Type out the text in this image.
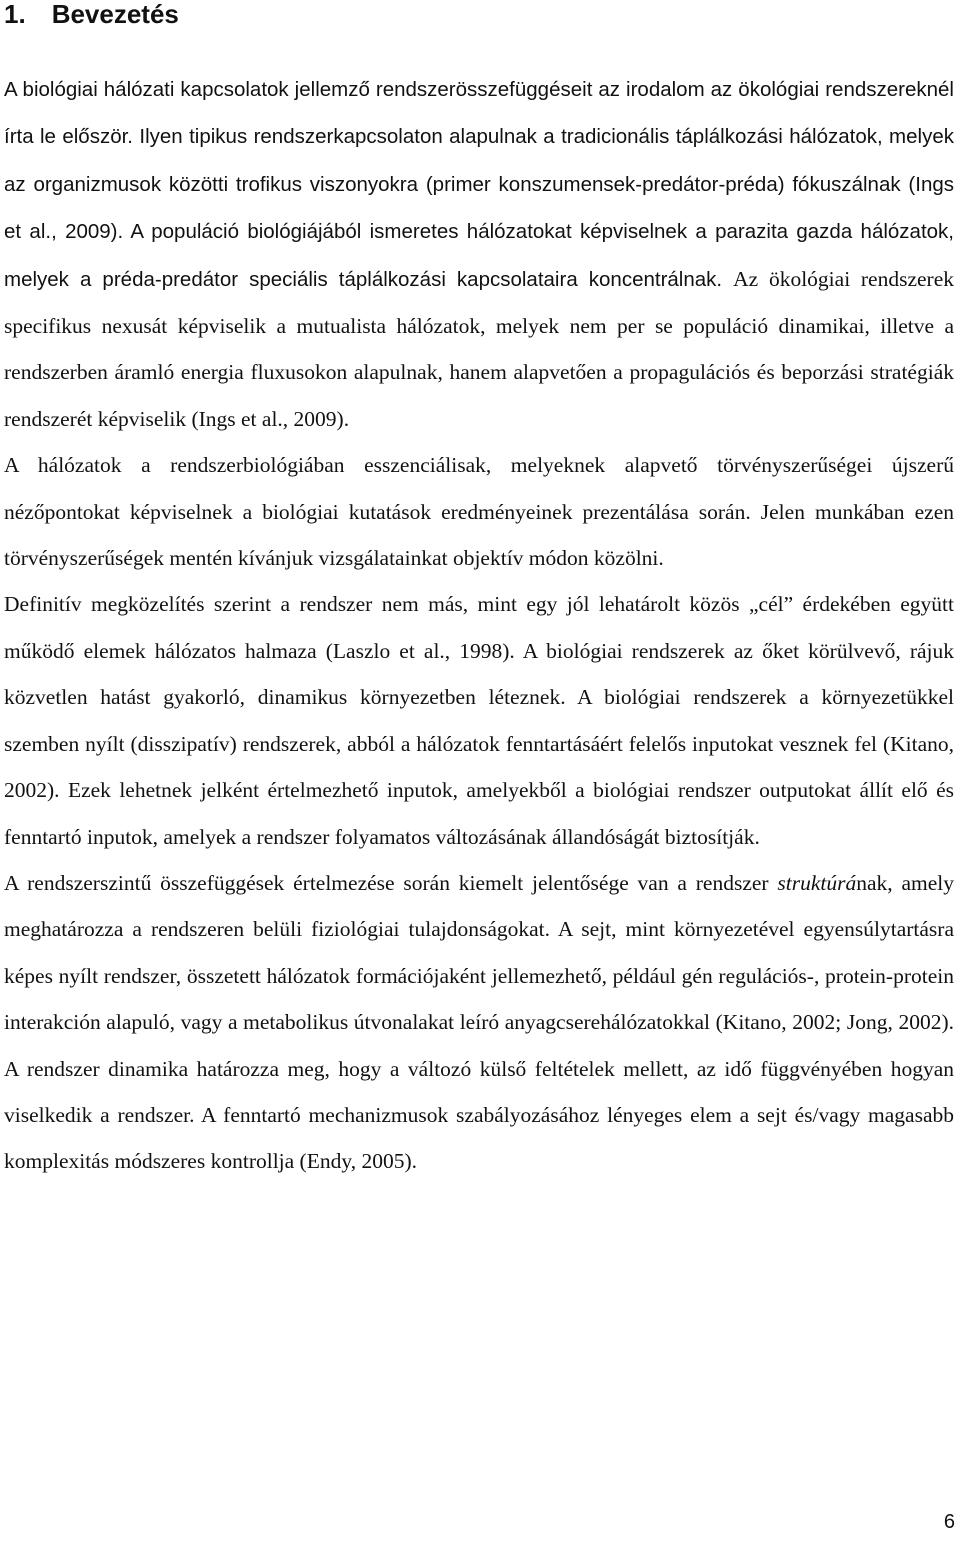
1. Bevezetés

A biológiai hálózati kapcsolatok jellemző rendszerösszefüggéseit az irodalom az ökológiai rendszereknél írta le először. Ilyen tipikus rendszerkapcsolaton alapulnak a tradicionális táplálkozási hálózatok, melyek az organizmusok közötti trofikus viszonyokra (primer konszumensek-predátor-préda) fókuszálnak (Ings et al., 2009). A populáció biológiájából ismeretes hálózatokat képviselnek a parazita gazda hálózatok, melyek a préda-predátor speciális táplálkozási kapcsolataira koncentrálnak. Az ökológiai rendszerek specifikus nexusát képviselik a mutualista hálózatok, melyek nem per se populáció dinamikai, illetve a rendszerben áramló energia fluxusokon alapulnak, hanem alapvetően a propagulációs és beporzási stratégiák rendszerét képviselik (Ings et al., 2009).

A hálózatok a rendszerbiológiában esszenciálisak, melyeknek alapvető törvényszerűségei újszerű nézőpontokat képviselnek a biológiai kutatások eredményeinek prezentálása során. Jelen munkában ezen törvényszerűségek mentén kívánjuk vizsgálatainkat objektív módon közölni.

Definitív megközelítés szerint a rendszer nem más, mint egy jól lehatárolt közös „cél” érdekében együtt működő elemek hálózatos halmaza (Laszlo et al., 1998). A biológiai rendszerek az őket körülvevő, rájuk közvetlen hatást gyakorló, dinamikus környezetben léteznek. A biológiai rendszerek a környezetükkel szemben nyílt (disszipatív) rendszerek, abból a hálózatok fenntartásáért felelős inputokat vesznek fel (Kitano, 2002). Ezek lehetnek jelként értelmezhető inputok, amelyekből a biológiai rendszer outputokat állít elő és fenntartó inputok, amelyek a rendszer folyamatos változásának állandóságát biztosítják.

A rendszerszintű összefüggések értelmezése során kiemelt jelentősége van a rendszer struktúrának, amely meghatározza a rendszeren belüli fiziológiai tulajdonságokat. A sejt, mint környezetével egyensúlytartásra képes nyílt rendszer, összetett hálózatok formációjaként jellemezhető, például gén regulációs-, protein-protein interakción alapuló, vagy a metabolikus útvonalakat leíró anyagcserehálózatokkal (Kitano, 2002; Jong, 2002). A rendszer dinamika határozza meg, hogy a változó külső feltételek mellett, az idő függvényében hogyan viselkedik a rendszer. A fenntartó mechanizmusok szabályozásához lényeges elem a sejt és/vagy magasabb komplexitás módszeres kontrollja (Endy, 2005).

6
